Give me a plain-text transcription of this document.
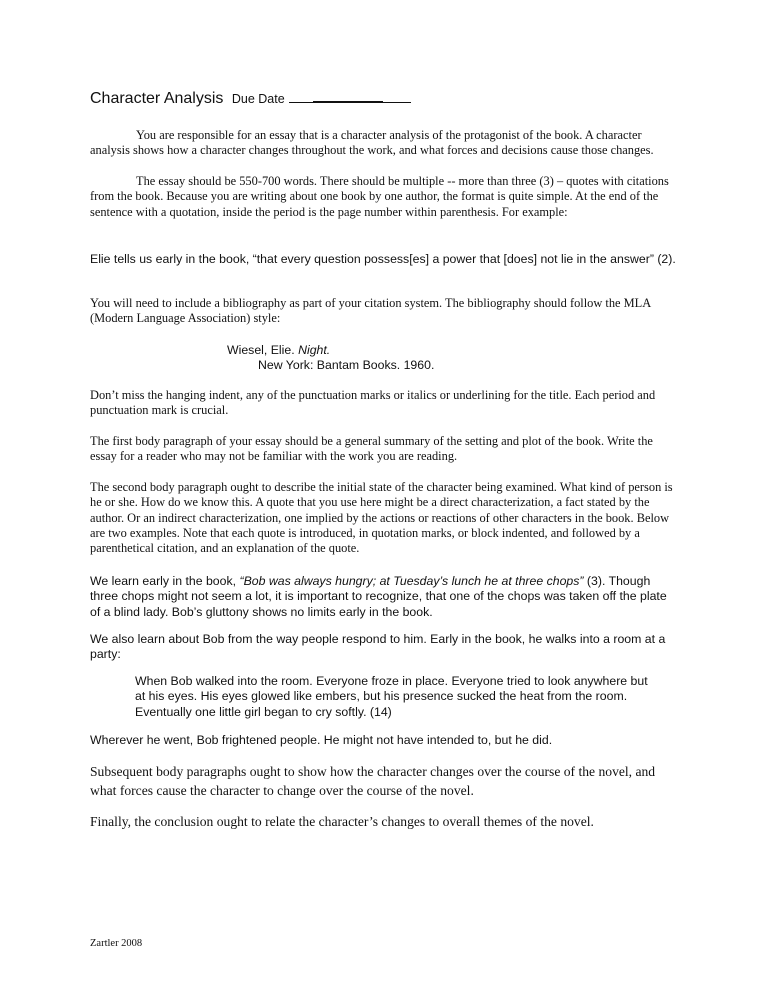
Character Analysis Due Date

You are responsible for an essay that is a character analysis of the protagonist of the book. A character analysis shows how a character changes throughout the work, and what forces and decisions cause those changes.

The essay should be 550-700 words. There should be multiple -- more than three (3) – quotes with citations from the book. Because you are writing about one book by one author, the format is quite simple. At the end of the sentence with a quotation, inside the period is the page number within parenthesis. For example:

Elie tells us early in the book, “that every question possess[es] a power that [does] not lie in the answer” (2).

You will need to include a bibliography as part of your citation system. The bibliography should follow the MLA (Modern Language Association) style:

Wiesel, Elie. Night.
New York: Bantam Books. 1960.

Don’t miss the hanging indent, any of the punctuation marks or italics or underlining for the title. Each period and punctuation mark is crucial.

The first body paragraph of your essay should be a general summary of the setting and plot of the book. Write the essay for a reader who may not be familiar with the work you are reading.

The second body paragraph ought to describe the initial state of the character being examined. What kind of person is he or she. How do we know this. A quote that you use here might be a direct characterization, a fact stated by the author. Or an indirect characterization, one implied by the actions or reactions of other characters in the book. Below are two examples. Note that each quote is introduced, in quotation marks, or block indented, and followed by a parenthetical citation, and an explanation of the quote.

We learn early in the book, “Bob was always hungry; at Tuesday’s lunch he at three chops” (3). Though three chops might not seem a lot, it is important to recognize, that one of the chops was taken off the plate of a blind lady. Bob’s gluttony shows no limits early in the book.

We also learn about Bob from the way people respond to him. Early in the book, he walks into a room at a party:

When Bob walked into the room. Everyone froze in place. Everyone tried to look anywhere but at his eyes. His eyes glowed like embers, but his presence sucked the heat from the room. Eventually one little girl began to cry softly. (14)

Wherever he went, Bob frightened people. He might not have intended to, but he did.

Subsequent body paragraphs ought to show how the character changes over the course of the novel, and what forces cause the character to change over the course of the novel.

Finally, the conclusion ought to relate the character’s changes to overall themes of the novel.

Zartler 2008
